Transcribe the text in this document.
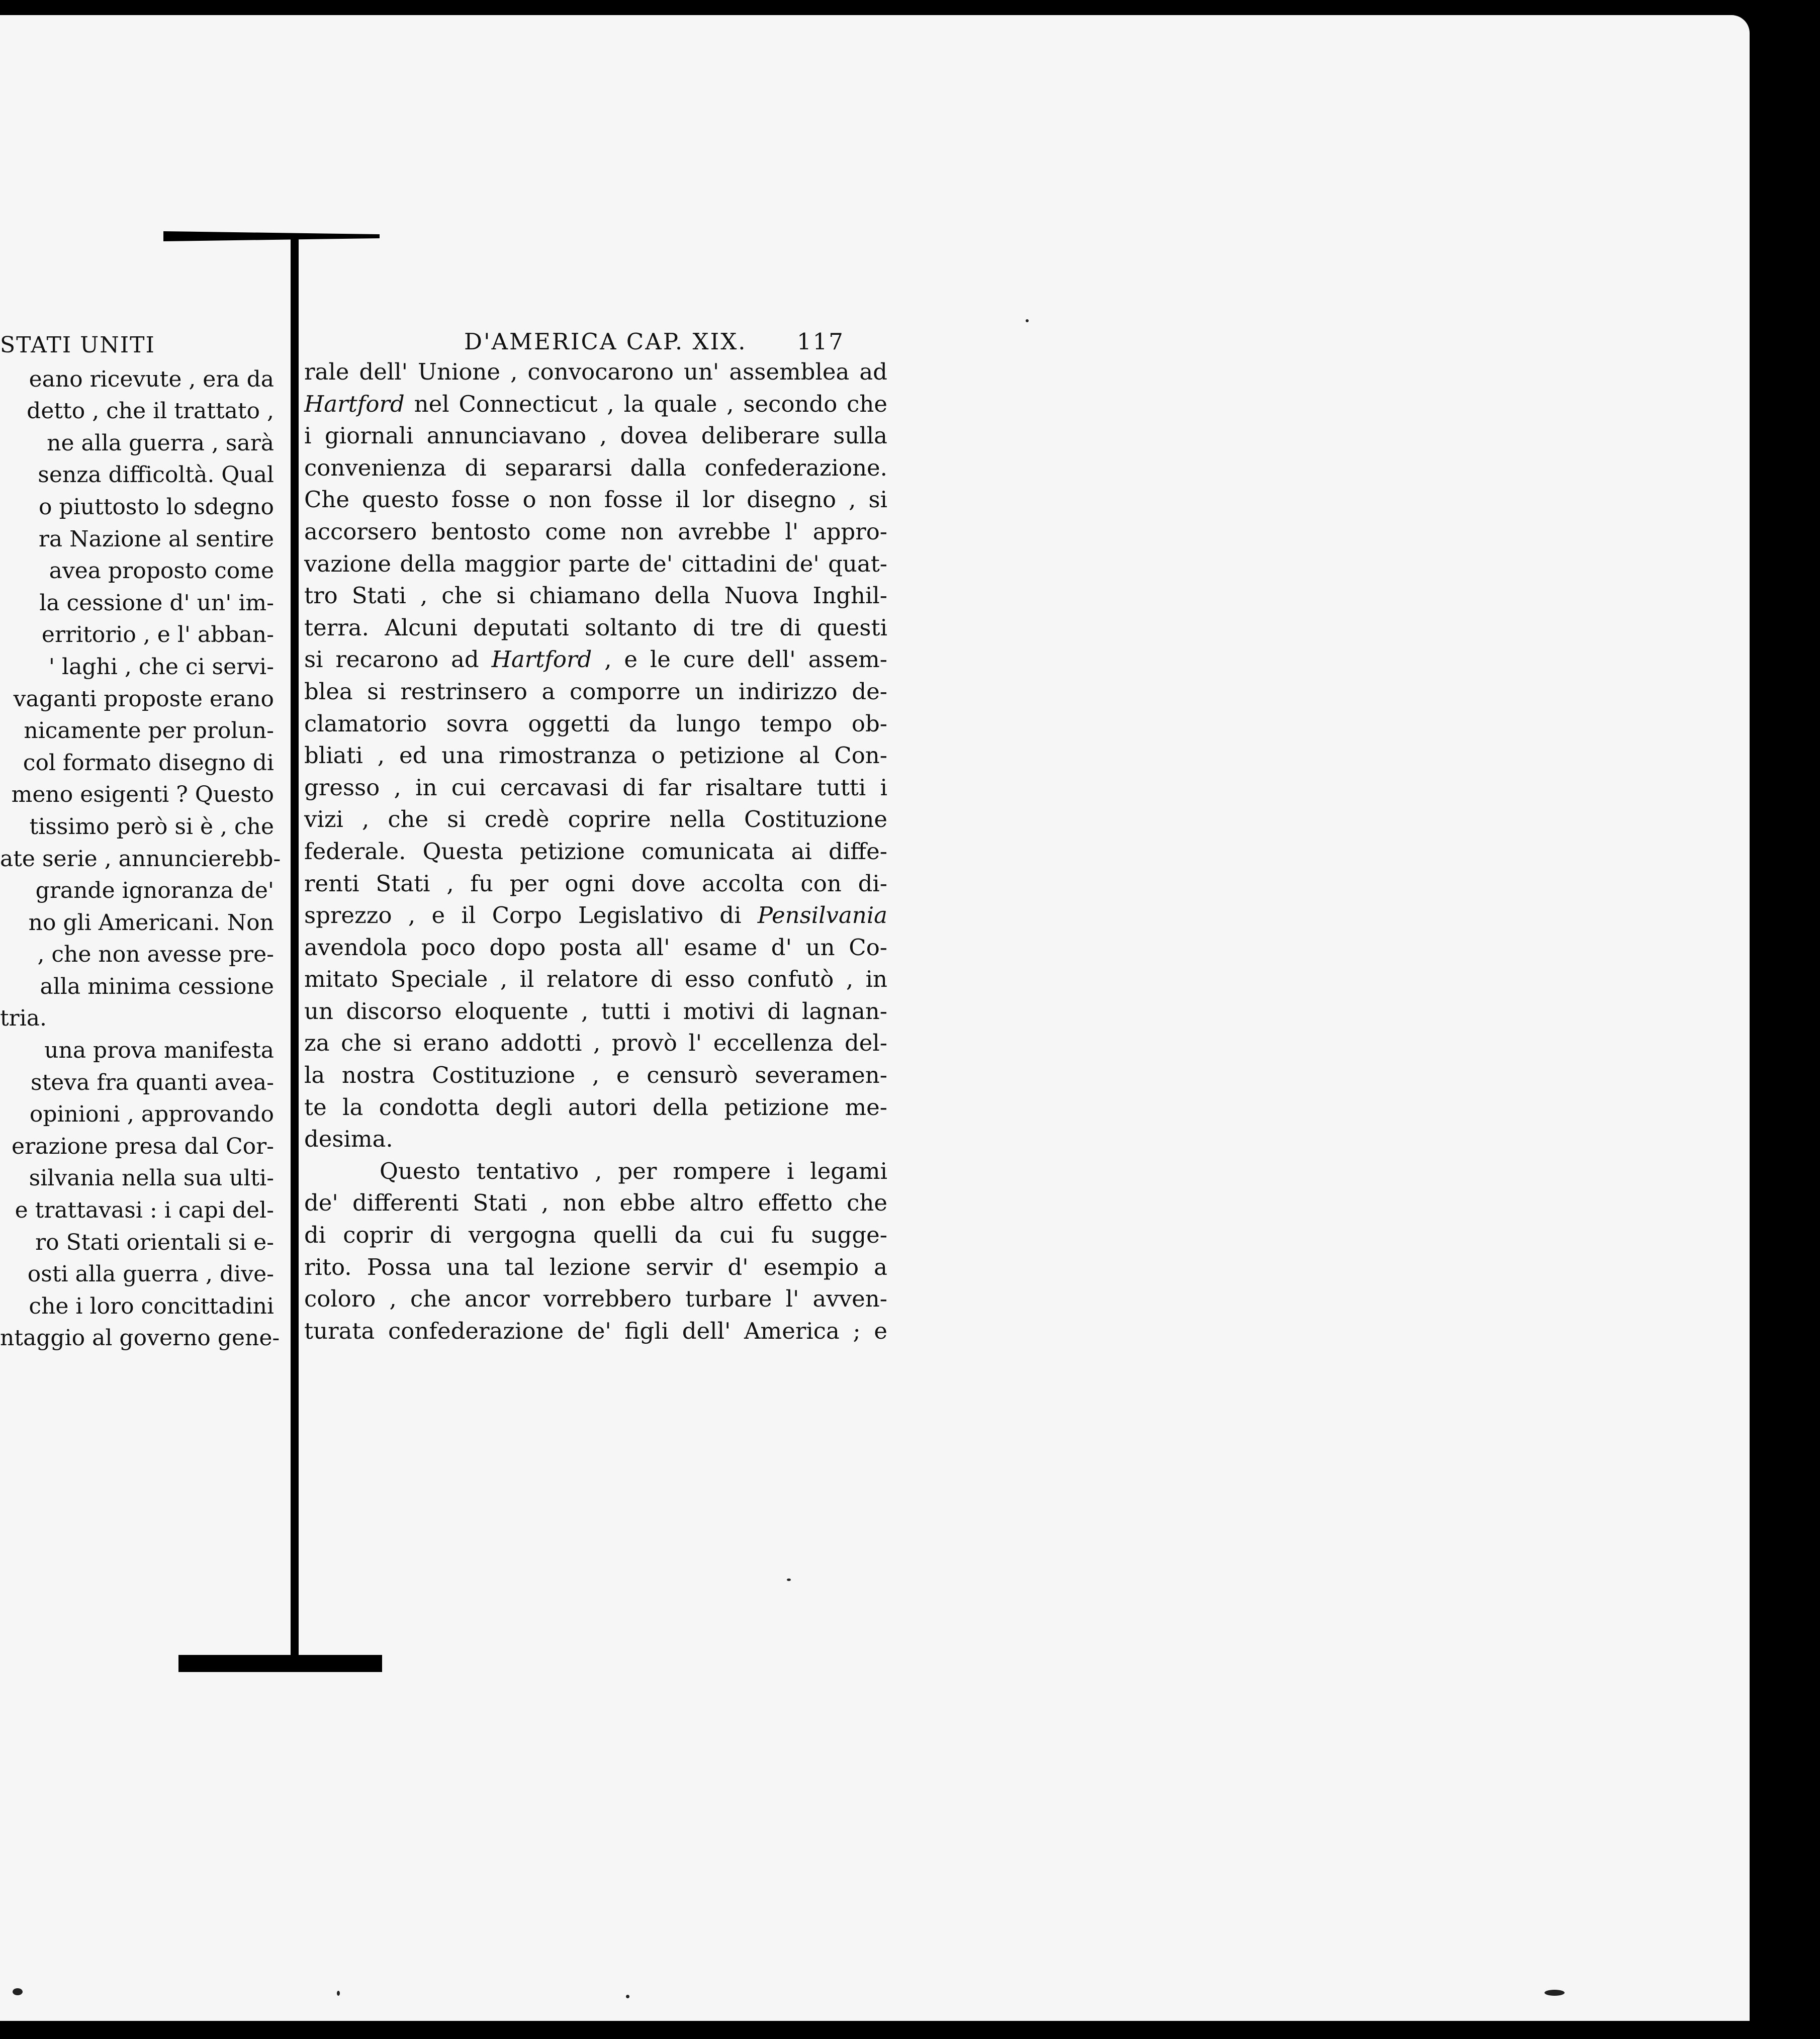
STATI UNITI
eano ricevute , era da
detto , che il trattato ,
ne alla guerra , sarà
senza difficoltà. Qual
o piuttosto lo sdegno
ra Nazione al sentire
avea proposto come
la cessione d' un' im-
erritorio , e l' abban-
' laghi , che ci servi-
vaganti proposte erano
nicamente per prolun-
col formato disegno di
meno esigenti ? Questo
tissimo però si è , che
ate serie , annuncierebb-
grande ignoranza de'
no gli Americani. Non
, che non avesse pre-
alla minima cessione
tria.
una prova manifesta
steva fra quanti avea-
opinioni , approvando
erazione presa dal Cor-
silvania nella sua ulti-
e trattavasi : i capi del-
ro Stati orientali si e-
osti alla guerra , dive-
che i loro concittadini
ntaggio al governo gene-
D'AMERICA CAP. XIX. 117
rale dell' Unione , convocarono un' assemblea ad
Hartford nel Connecticut , la quale , secondo che
i giornali annunciavano , dovea deliberare sulla
convenienza di separarsi dalla confederazione.
Che questo fosse o non fosse il lor disegno , si
accorsero bentosto come non avrebbe l' appro-
vazione della maggior parte de' cittadini de' quat-
tro Stati , che si chiamano della Nuova Inghil-
terra. Alcuni deputati soltanto di tre di questi
si recarono ad Hartford , e le cure dell' assem-
blea si restrinsero a comporre un indirizzo de-
clamatorio sovra oggetti da lungo tempo ob-
bliati , ed una rimostranza o petizione al Con-
gresso , in cui cercavasi di far risaltare tutti i
vizi , che si credè coprire nella Costituzione
federale. Questa petizione comunicata ai diffe-
renti Stati , fu per ogni dove accolta con di-
sprezzo , e il Corpo Legislativo di Pensilvania
avendola poco dopo posta all' esame d' un Co-
mitato Speciale , il relatore di esso confutò , in
un discorso eloquente , tutti i motivi di lagnan-
za che si erano addotti , provò l' eccellenza del-
la nostra Costituzione , e censurò severamen-
te la condotta degli autori della petizione me-
desima.
Questo tentativo , per rompere i legami
de' differenti Stati , non ebbe altro effetto che
di coprir di vergogna quelli da cui fu sugge-
rito. Possa una tal lezione servir d' esempio a
coloro , che ancor vorrebbero turbare l' avven-
turata confederazione de' figli dell' America ; e
